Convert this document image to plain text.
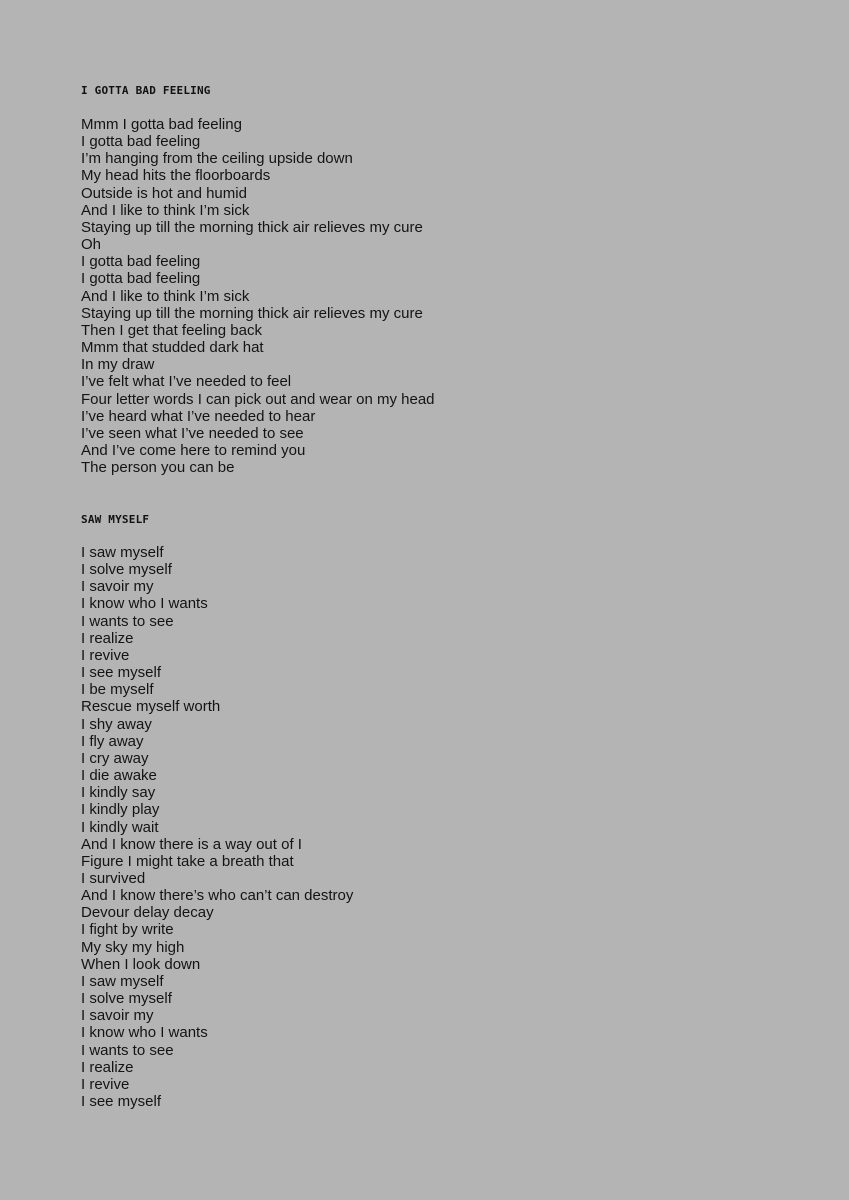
I GOTTA BAD FEELING
Mmm I gotta bad feeling
I gotta bad feeling
I’m hanging from the ceiling upside down
My head hits the floorboards
Outside is hot and humid
And I like to think I’m sick
Staying up till the morning thick air relieves my cure
Oh
I gotta bad feeling
I gotta bad feeling
And I like to think I’m sick
Staying up till the morning thick air relieves my cure
Then I get that feeling back
Mmm that studded dark hat
In my draw
I’ve felt what I’ve needed to feel
Four letter words I can pick out and wear on my head
I’ve heard what I’ve needed to hear
I’ve seen what I’ve needed to see
And I’ve come here to remind you
The person you can be
SAW MYSELF
I saw myself
I solve myself
I savoir my
I know who I wants
I wants to see
I realize
I revive
I see myself
I be myself
Rescue myself worth
I shy away
I fly away
I cry away
I die awake
I kindly say
I kindly play
I kindly wait
And I know there is a way out of I
Figure I might take a breath that
I survived
And I know there’s who can’t can destroy
Devour delay decay
I fight by write
My sky my high
When I look down
I saw myself
I solve myself
I savoir my
I know who I wants
I wants to see
I realize
I revive
I see myself
